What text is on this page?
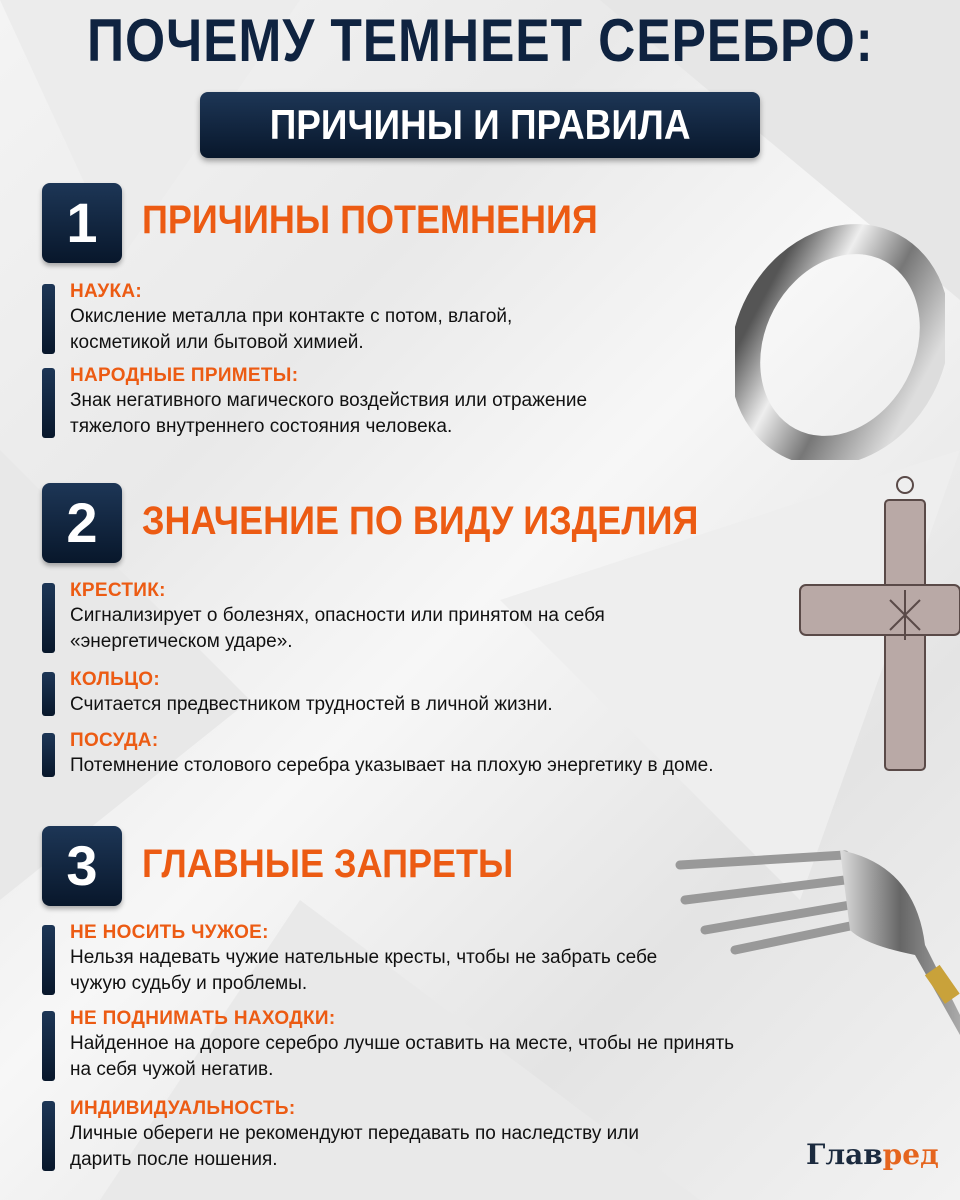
ПОЧЕМУ ТЕМНЕЕТ СЕРЕБРО:
ПРИЧИНЫ И ПРАВИЛА
1	ПРИЧИНЫ ПОТЕМНЕНИЯ
НАУКА:
Окисление металла при контакте с потом, влагой,
косметикой или бытовой химией.
НАРОДНЫЕ ПРИМЕТЫ:
Знак негативного магического воздействия или отражение
тяжелого внутреннего состояния человека.
2	ЗНАЧЕНИЕ ПО ВИДУ ИЗДЕЛИЯ
КРЕСТИК:
Сигнализирует о болезнях, опасности или принятом на себя
«энергетическом ударе».
КОЛЬЦО:
Считается предвестником трудностей в личной жизни.
ПОСУДА:
Потемнение столового серебра указывает на плохую энергетику в доме.
3	ГЛАВНЫЕ ЗАПРЕТЫ
НЕ НОСИТЬ ЧУЖОЕ:
Нельзя надевать чужие нательные кресты, чтобы не забрать себе
чужую судьбу и проблемы.
НЕ ПОДНИМАТЬ НАХОДКИ:
Найденное на дороге серебро лучше оставить на месте, чтобы не принять
на себя чужой негатив.
ИНДИВИДУАЛЬНОСТЬ:
Личные обереги не рекомендуют передавать по наследству или
дарить после ношения.	Главред
